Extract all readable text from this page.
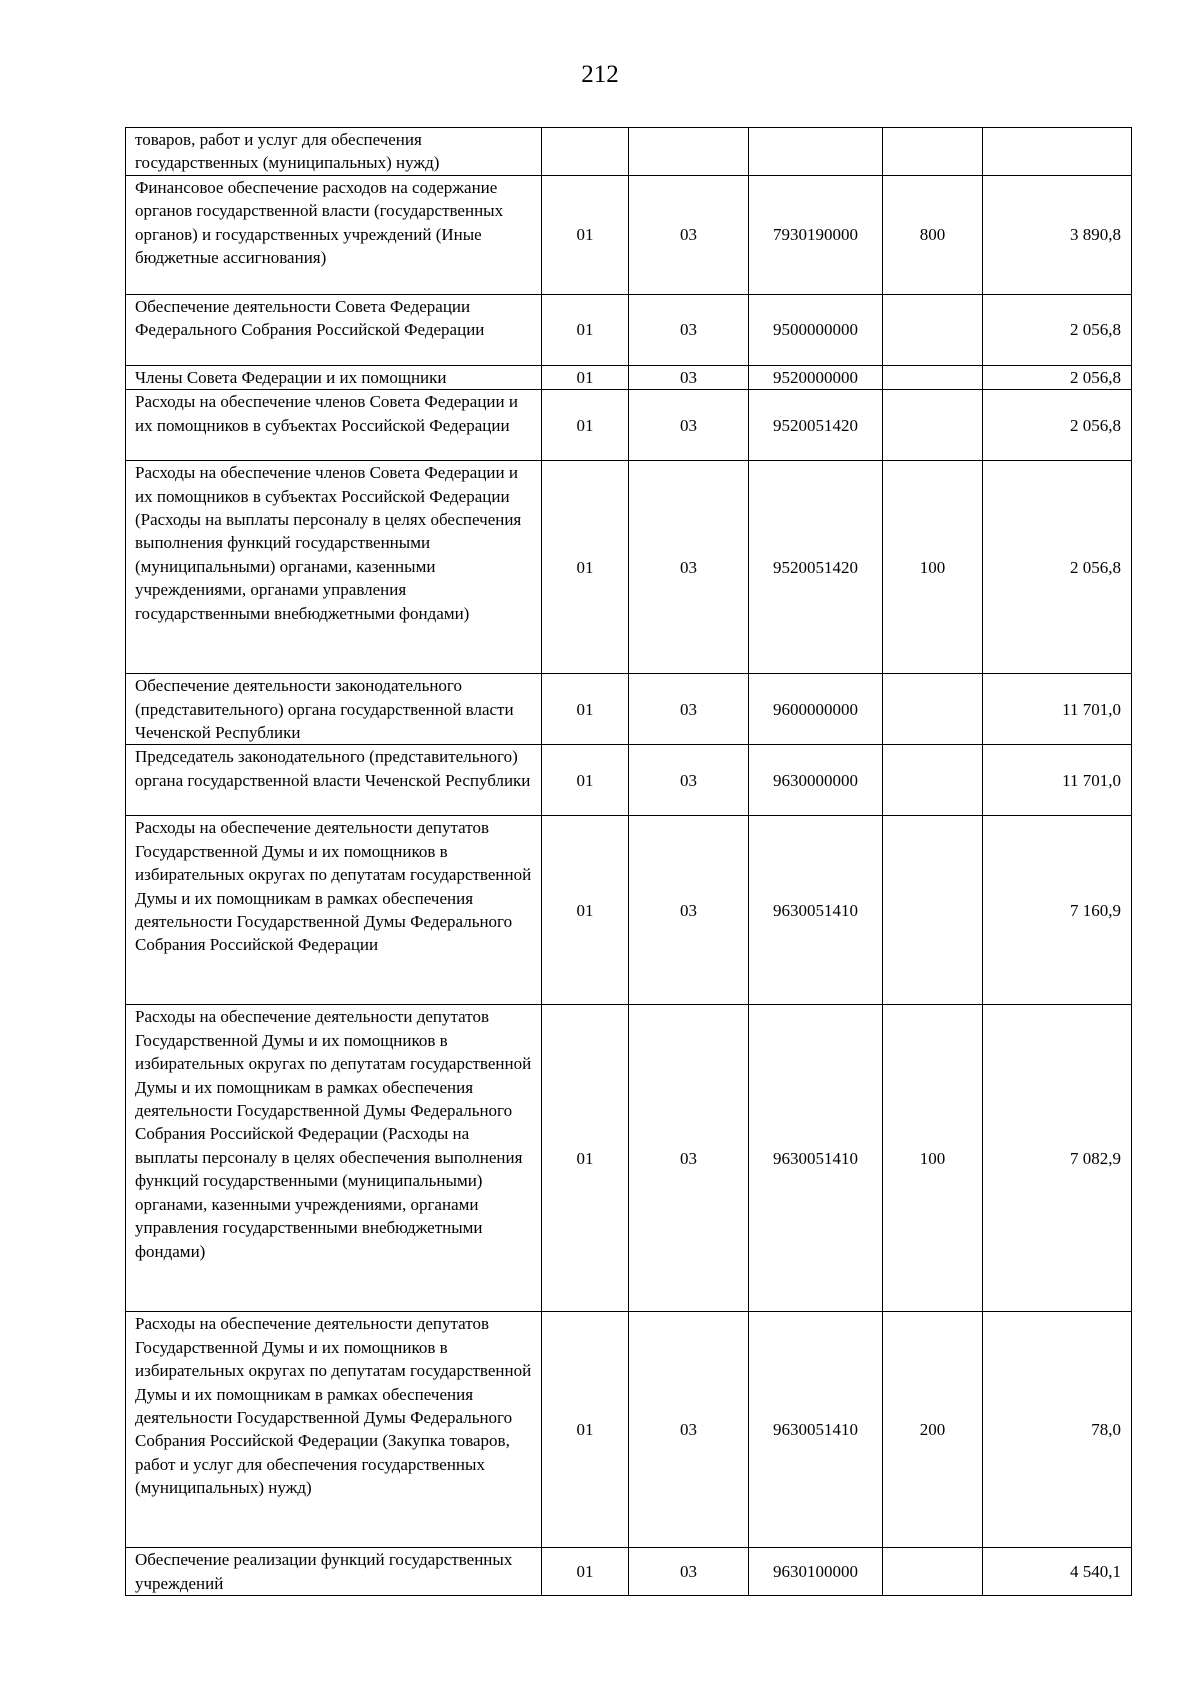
212
товаров, работ и услуг для обеспечения государственных (муниципальных) нужд)					
Финансовое обеспечение расходов на содержание органов государственной власти (государственных органов) и государственных учреждений (Иные бюджетные ассигнования)	01	03	7930190000	800	3 890,8
Обеспечение деятельности Совета Федерации Федерального Собрания Российской Федерации	01	03	9500000000		2 056,8
Члены Совета Федерации и их помощники	01	03	9520000000		2 056,8
Расходы на обеспечение членов Совета Федерации и их помощников в субъектах Российской Федерации	01	03	9520051420		2 056,8
Расходы на обеспечение членов Совета Федерации и их помощников в субъектах Российской Федерации (Расходы на выплаты персоналу в целях обеспечения выполнения функций государственными (муниципальными) органами, казенными учреждениями, органами управления государственными внебюджетными фондами)	01	03	9520051420	100	2 056,8
Обеспечение деятельности законодательного (представительного) органа государственной власти Чеченской Республики	01	03	9600000000		11 701,0
Председатель законодательного (представительного) органа государственной власти Чеченской Республики	01	03	9630000000		11 701,0
Расходы на обеспечение деятельности депутатов Государственной Думы и их помощников в избирательных округах по депутатам государственной Думы и их помощникам в рамках обеспечения деятельности Государственной Думы Федерального Собрания Российской Федерации	01	03	9630051410		7 160,9
Расходы на обеспечение деятельности депутатов Государственной Думы и их помощников в избирательных округах по депутатам государственной Думы и их помощникам в рамках обеспечения деятельности Государственной Думы Федерального Собрания Российской Федерации (Расходы на выплаты персоналу в целях обеспечения выполнения функций государственными (муниципальными) органами, казенными учреждениями, органами управления государственными внебюджетными фондами)	01	03	9630051410	100	7 082,9
Расходы на обеспечение деятельности депутатов Государственной Думы и их помощников в избирательных округах по депутатам государственной Думы и их помощникам в рамках обеспечения деятельности Государственной Думы Федерального Собрания Российской Федерации (Закупка товаров, работ и услуг для обеспечения государственных (муниципальных) нужд)	01	03	9630051410	200	78,0
Обеспечение реализации функций государственных учреждений	01	03	9630100000		4 540,1
